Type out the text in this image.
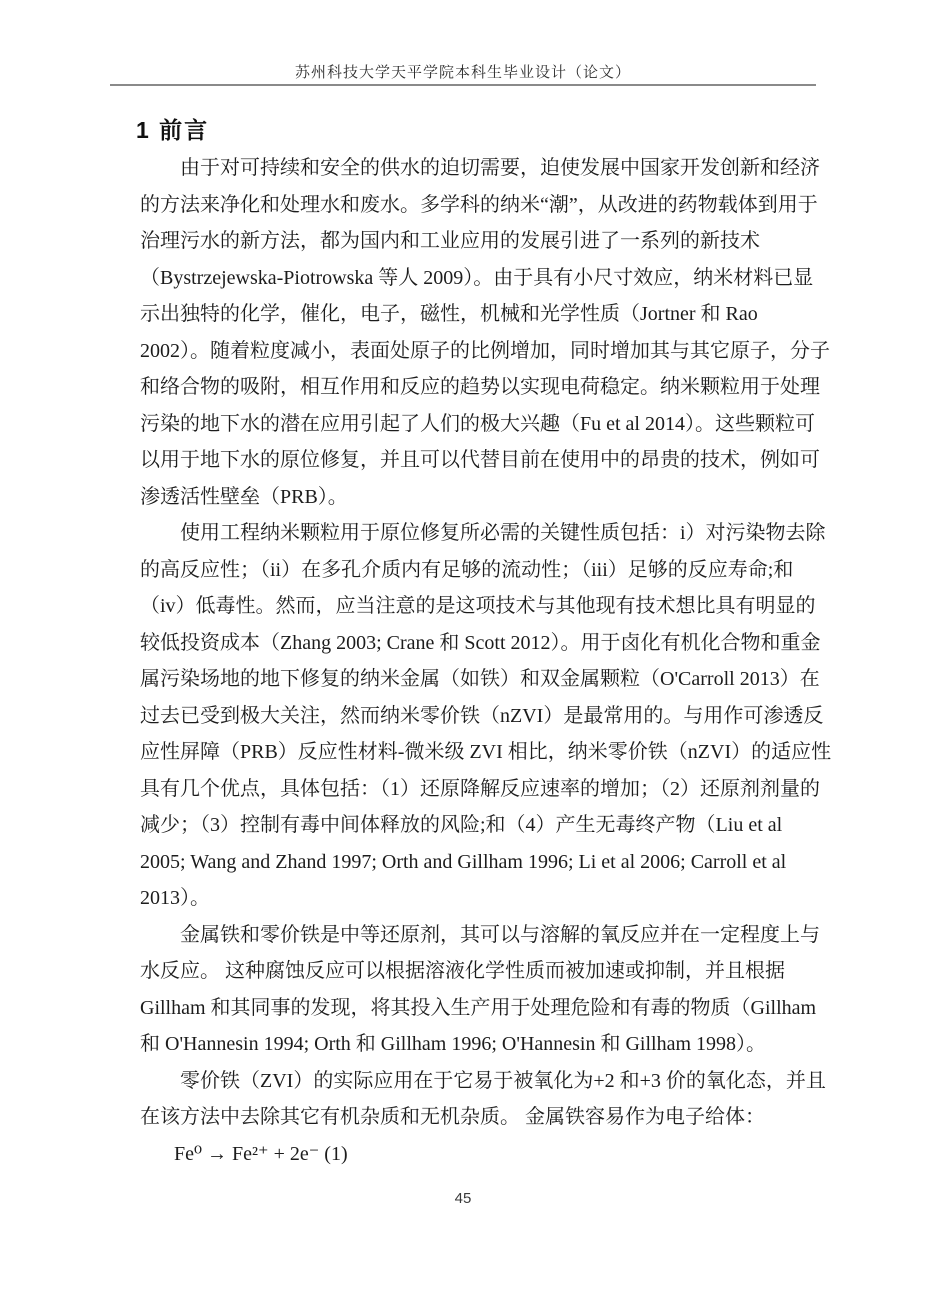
苏州科技大学天平学院本科生毕业设计（论文）
1 前言
由于对可持续和安全的供水的迫切需要，迫使发展中国家开发创新和经济
的方法来净化和处理水和废水。多学科的纳米“潮”，从改进的药物载体到用于
治理污水的新方法，都为国内和工业应用的发展引进了一系列的新技术
（Bystrzejewska-Piotrowska 等人 2009）。由于具有小尺寸效应，纳米材料已显
示出独特的化学，催化，电子，磁性，机械和光学性质（Jortner 和 Rao
2002）。随着粒度减小，表面处原子的比例增加，同时增加其与其它原子，分子
和络合物的吸附，相互作用和反应的趋势以实现电荷稳定。纳米颗粒用于处理
污染的地下水的潜在应用引起了人们的极大兴趣（Fu et al 2014）。这些颗粒可
以用于地下水的原位修复，并且可以代替目前在使用中的昂贵的技术，例如可
渗透活性壁垒（PRB）。
使用工程纳米颗粒用于原位修复所必需的关键性质包括：i）对污染物去除
的高反应性；（ii）在多孔介质内有足够的流动性；（iii）足够的反应寿命;和
（iv）低毒性。然而，应当注意的是这项技术与其他现有技术想比具有明显的
较低投资成本（Zhang 2003; Crane 和 Scott 2012）。用于卤化有机化合物和重金
属污染场地的地下修复的纳米金属（如铁）和双金属颗粒（O'Carroll 2013）在
过去已受到极大关注，然而纳米零价铁（nZVI）是最常用的。与用作可渗透反
应性屏障（PRB）反应性材料-微米级 ZVI 相比，纳米零价铁（nZVI）的适应性
具有几个优点，具体包括：（1）还原降解反应速率的增加；（2）还原剂剂量的
减少；（3）控制有毒中间体释放的风险;和（4）产生无毒终产物（Liu et al
2005; Wang and Zhand 1997; Orth and Gillham 1996; Li et al 2006; Carroll et al
2013）。
金属铁和零价铁是中等还原剂，其可以与溶解的氧反应并在一定程度上与
水反应。 这种腐蚀反应可以根据溶液化学性质而被加速或抑制，并且根据
Gillham 和其同事的发现，将其投入生产用于处理危险和有毒的物质（Gillham
和 O'Hannesin 1994; Orth 和 Gillham 1996; O'Hannesin 和 Gillham 1998）。
零价铁（ZVI）的实际应用在于它易于被氧化为+2 和+3 价的氧化态，并且
在该方法中去除其它有机杂质和无机杂质。 金属铁容易作为电子给体：
Fe⁰ → Fe²⁺ + 2e⁻ (1)
45
